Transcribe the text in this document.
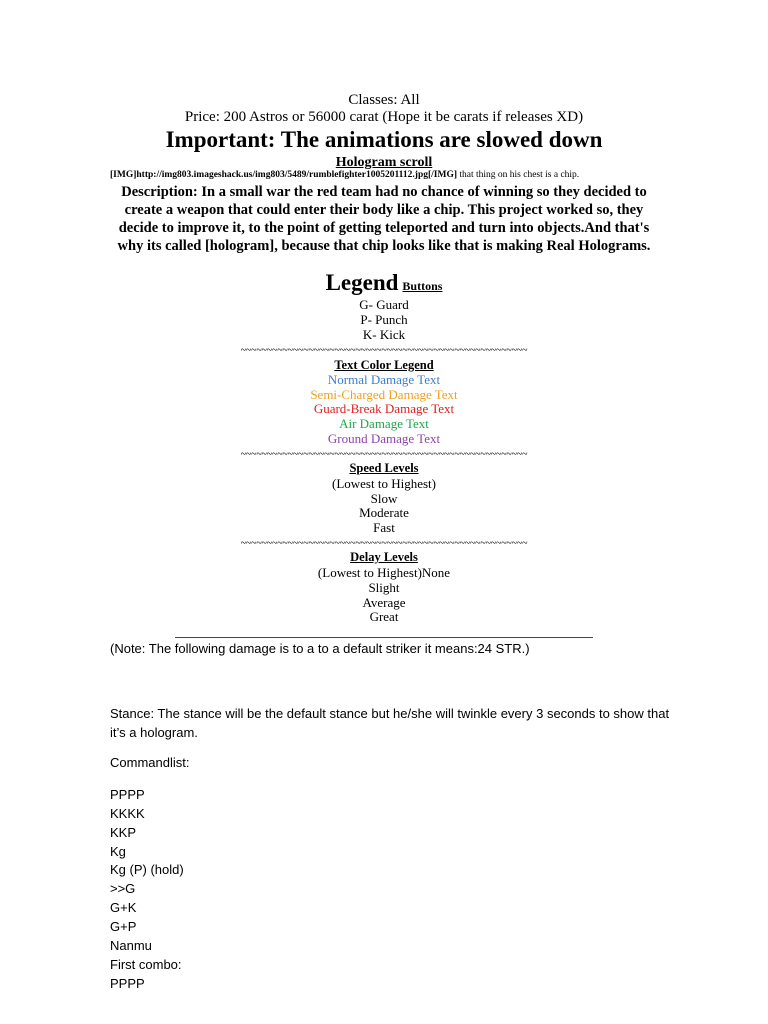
Classes: All
Price: 200 Astros or 56000 carat (Hope it be carats if releases XD)
Important: The animations are slowed down
Hologram scroll
[IMG]http://img803.imageshack.us/img803/5489/rumblefighter1005201112.jpg[/IMG] that thing on his chest is a chip.
Description: In a small war the red team had no chance of winning so they decided to create a weapon that could enter their body like a chip. This project worked so, they decide to improve it, to the point of getting teleported and turn into objects.And that's why its called [hologram], because that chip looks like that is making Real Holograms.
Legend Buttons
G- Guard
P- Punch
K- Kick
~~~~~~~~~~~~~~~~~~~~~~~~~~~~~~~~~~~~~~~~~~~~~~~~~~~~~~~
Text Color Legend
Normal Damage Text
Semi-Charged Damage Text
Guard-Break Damage Text
Air Damage Text
Ground Damage Text
~~~~~~~~~~~~~~~~~~~~~~~~~~~~~~~~~~~~~~~~~~~~~~~~~~~~~~~
Speed Levels
(Lowest to Highest)
Slow
Moderate
Fast
~~~~~~~~~~~~~~~~~~~~~~~~~~~~~~~~~~~~~~~~~~~~~~~~~~~~~~~
Delay Levels
(Lowest to Highest)None
Slight
Average
Great
(Note: The following damage is to a to a default striker it means:24 STR.)
Stance: The stance will be the default stance but he/she will twinkle every 3 seconds to show that it’s a hologram.
Commandlist:
PPPP
KKKK
KKP
Kg
Kg (P) (hold)
>>G
G+K
G+P
Nanmu
First combo:
PPPP
